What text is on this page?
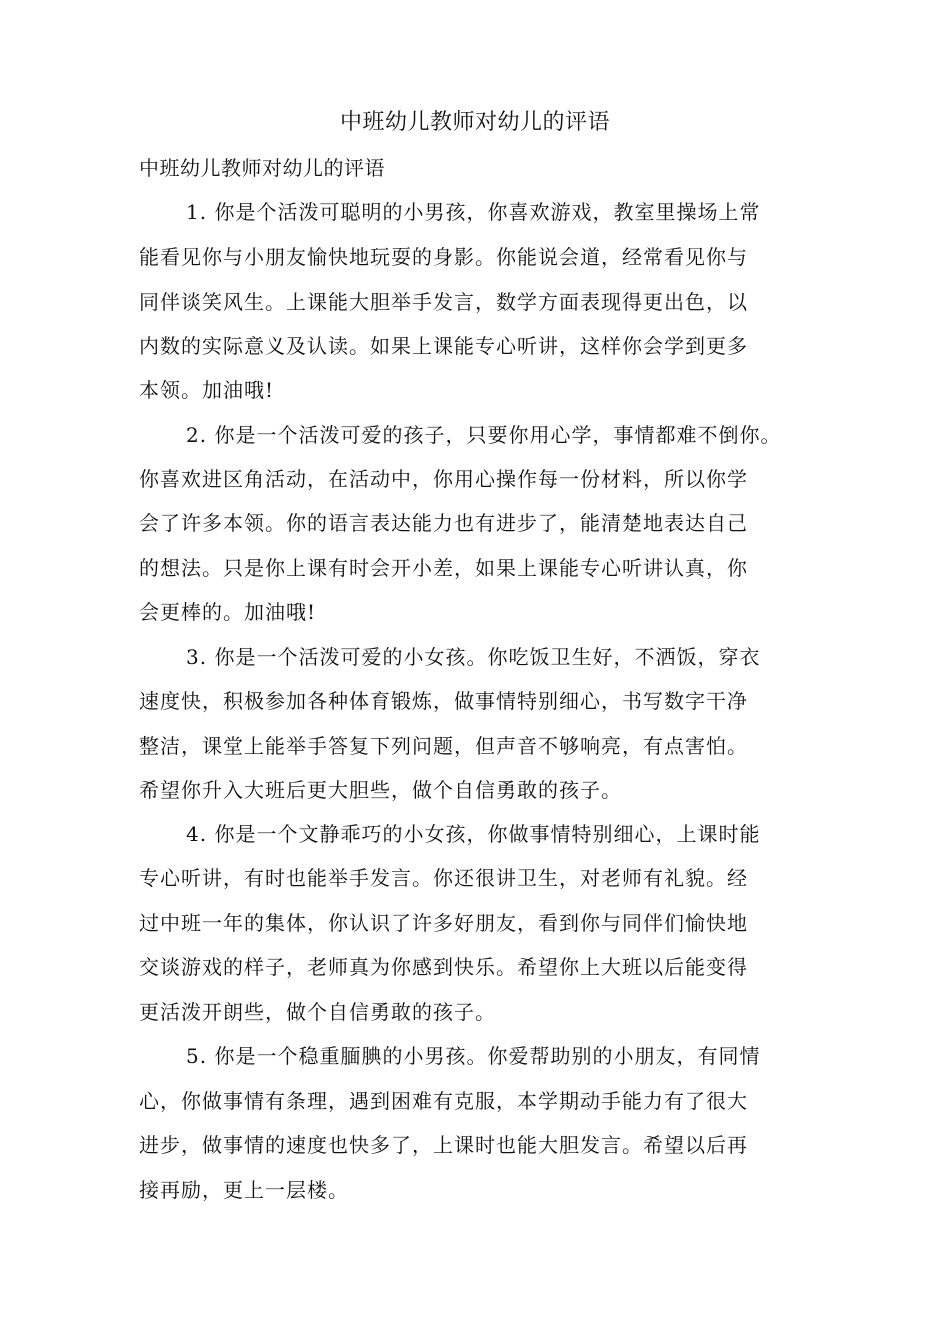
中班幼儿教师对幼儿的评语
中班幼儿教师对幼儿的评语
1. 你是个活泼可聪明的小男孩，你喜欢游戏，教室里操场上常
能看见你与小朋友愉快地玩耍的身影。你能说会道，经常看见你与
同伴谈笑风生。上课能大胆举手发言，数学方面表现得更出色，以
内数的实际意义及认读。如果上课能专心听讲，这样你会学到更多
本领。加油哦!
2. 你是一个活泼可爱的孩子，只要你用心学，事情都难不倒你。
你喜欢进区角活动，在活动中，你用心操作每一份材料，所以你学
会了许多本领。你的语言表达能力也有进步了，能清楚地表达自己
的想法。只是你上课有时会开小差，如果上课能专心听讲认真，你
会更棒的。加油哦!
3. 你是一个活泼可爱的小女孩。你吃饭卫生好，不洒饭，穿衣
速度快，积极参加各种体育锻炼，做事情特别细心，书写数字干净
整洁，课堂上能举手答复下列问题，但声音不够响亮，有点害怕。
希望你升入大班后更大胆些，做个自信勇敢的孩子。
4. 你是一个文静乖巧的小女孩，你做事情特别细心，上课时能
专心听讲，有时也能举手发言。你还很讲卫生，对老师有礼貌。经
过中班一年的集体，你认识了许多好朋友，看到你与同伴们愉快地
交谈游戏的样子，老师真为你感到快乐。希望你上大班以后能变得
更活泼开朗些，做个自信勇敢的孩子。
5. 你是一个稳重腼腆的小男孩。你爱帮助别的小朋友，有同情
心，你做事情有条理，遇到困难有克服，本学期动手能力有了很大
进步，做事情的速度也快多了，上课时也能大胆发言。希望以后再
接再励，更上一层楼。
